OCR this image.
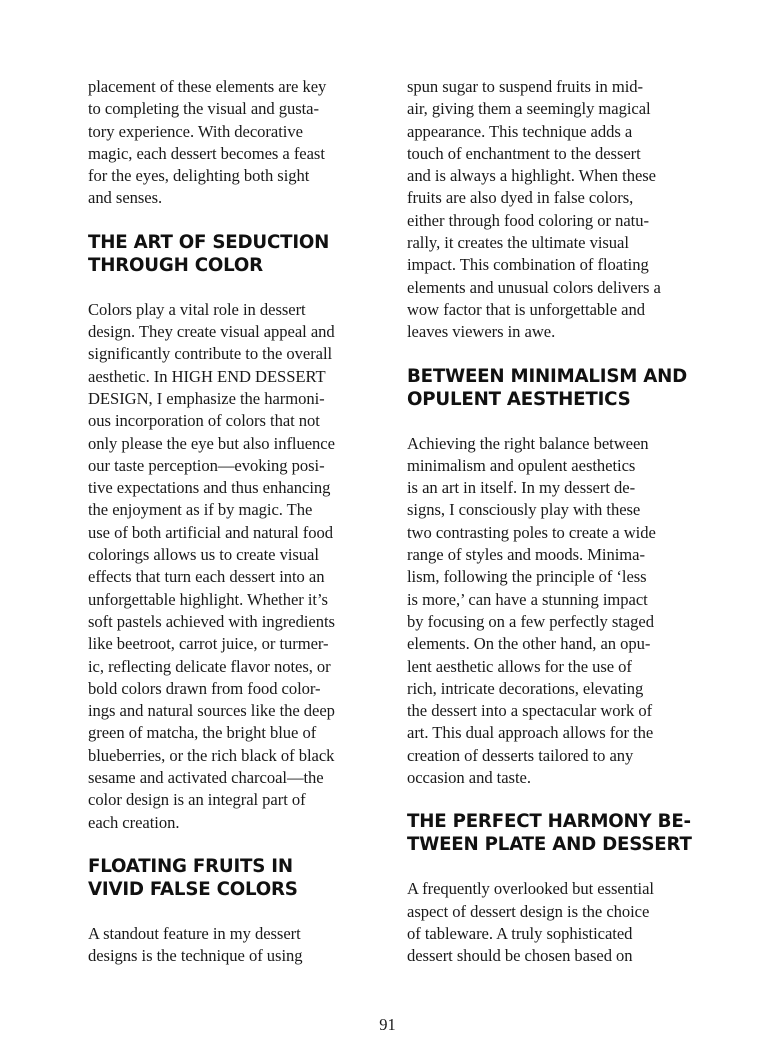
placement of these elements are key
to completing the visual and gusta-
tory experience. With decorative
magic, each dessert becomes a feast
for the eyes, delighting both sight
and senses.
THE ART OF SEDUCTION
THROUGH COLOR
Colors play a vital role in dessert
design. They create visual appeal and
significantly contribute to the overall
aesthetic. In HIGH END DESSERT
DESIGN, I emphasize the harmoni-
ous incorporation of colors that not
only please the eye but also influence
our taste perception—evoking posi-
tive expectations and thus enhancing
the enjoyment as if by magic. The
use of both artificial and natural food
colorings allows us to create visual
effects that turn each dessert into an
unforgettable highlight. Whether it’s
soft pastels achieved with ingredients
like beetroot, carrot juice, or turmer-
ic, reflecting delicate flavor notes, or
bold colors drawn from food color-
ings and natural sources like the deep
green of matcha, the bright blue of
blueberries, or the rich black of black
sesame and activated charcoal—the
color design is an integral part of
each creation.
FLOATING FRUITS IN
VIVID FALSE COLORS
A standout feature in my dessert
designs is the technique of using
spun sugar to suspend fruits in mid-
air, giving them a seemingly magical
appearance. This technique adds a
touch of enchantment to the dessert
and is always a highlight. When these
fruits are also dyed in false colors,
either through food coloring or natu-
rally, it creates the ultimate visual
impact. This combination of floating
elements and unusual colors delivers a
wow factor that is unforgettable and
leaves viewers in awe.
BETWEEN MINIMALISM AND
OPULENT AESTHETICS
Achieving the right balance between
minimalism and opulent aesthetics
is an art in itself. In my dessert de-
signs, I consciously play with these
two contrasting poles to create a wide
range of styles and moods. Minima-
lism, following the principle of ‘less
is more,’ can have a stunning impact
by focusing on a few perfectly staged
elements. On the other hand, an opu-
lent aesthetic allows for the use of
rich, intricate decorations, elevating
the dessert into a spectacular work of
art. This dual approach allows for the
creation of desserts tailored to any
occasion and taste.
THE PERFECT HARMONY BE-
TWEEN PLATE AND DESSERT
A frequently overlooked but essential
aspect of dessert design is the choice
of tableware. A truly sophisticated
dessert should be chosen based on
91
